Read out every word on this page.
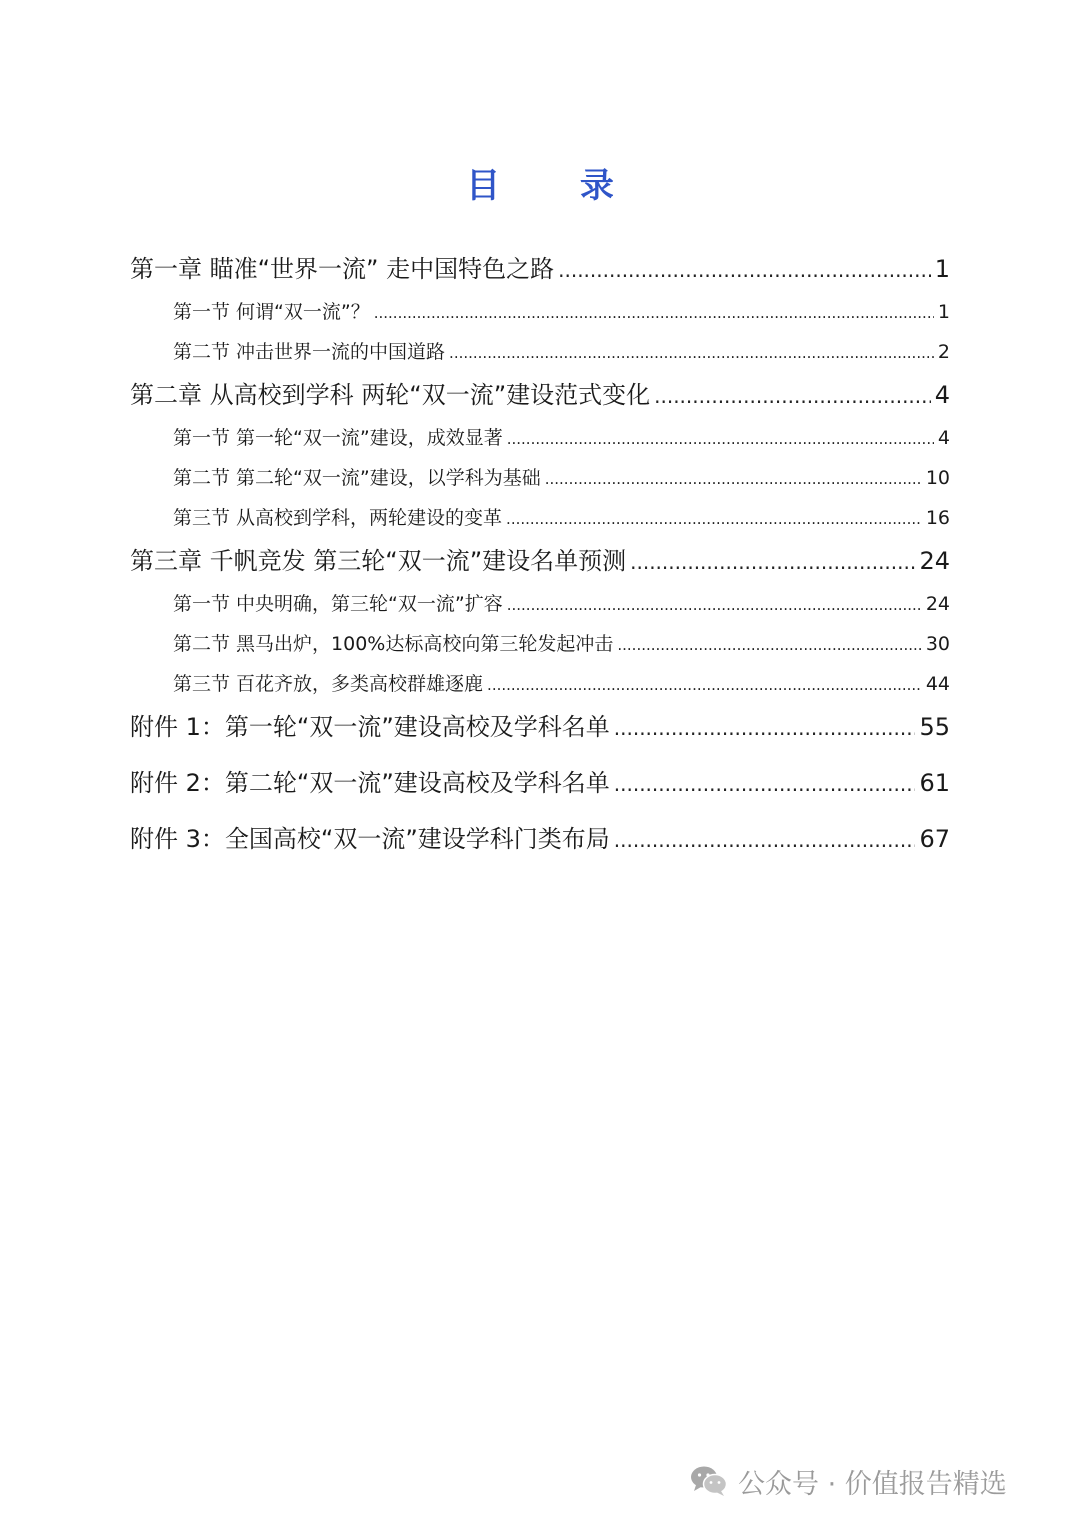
目 录
第一章 瞄准“世界一流” 走中国特色之路 .....	1
第一节 何谓“双一流”？ .....	1
第二节 冲击世界一流的中国道路 .....	2
第二章 从高校到学科 两轮“双一流”建设范式变化 .....	4
第一节 第一轮“双一流”建设，成效显著 .....	4
第二节 第二轮“双一流”建设，以学科为基础 .....	10
第三节 从高校到学科，两轮建设的变革 .....	16
第三章 千帆竞发 第三轮“双一流”建设名单预测 .....	24
第一节 中央明确，第三轮“双一流”扩容 .....	24
第二节 黑马出炉，100%达标高校向第三轮发起冲击 .....	30
第三节 百花齐放，多类高校群雄逐鹿 .....	44
附件 1：第一轮“双一流”建设高校及学科名单 .....	55
附件 2：第二轮“双一流”建设高校及学科名单 .....	61
附件 3：全国高校“双一流”建设学科门类布局 .....	67
公众号 · 价值报告精选
